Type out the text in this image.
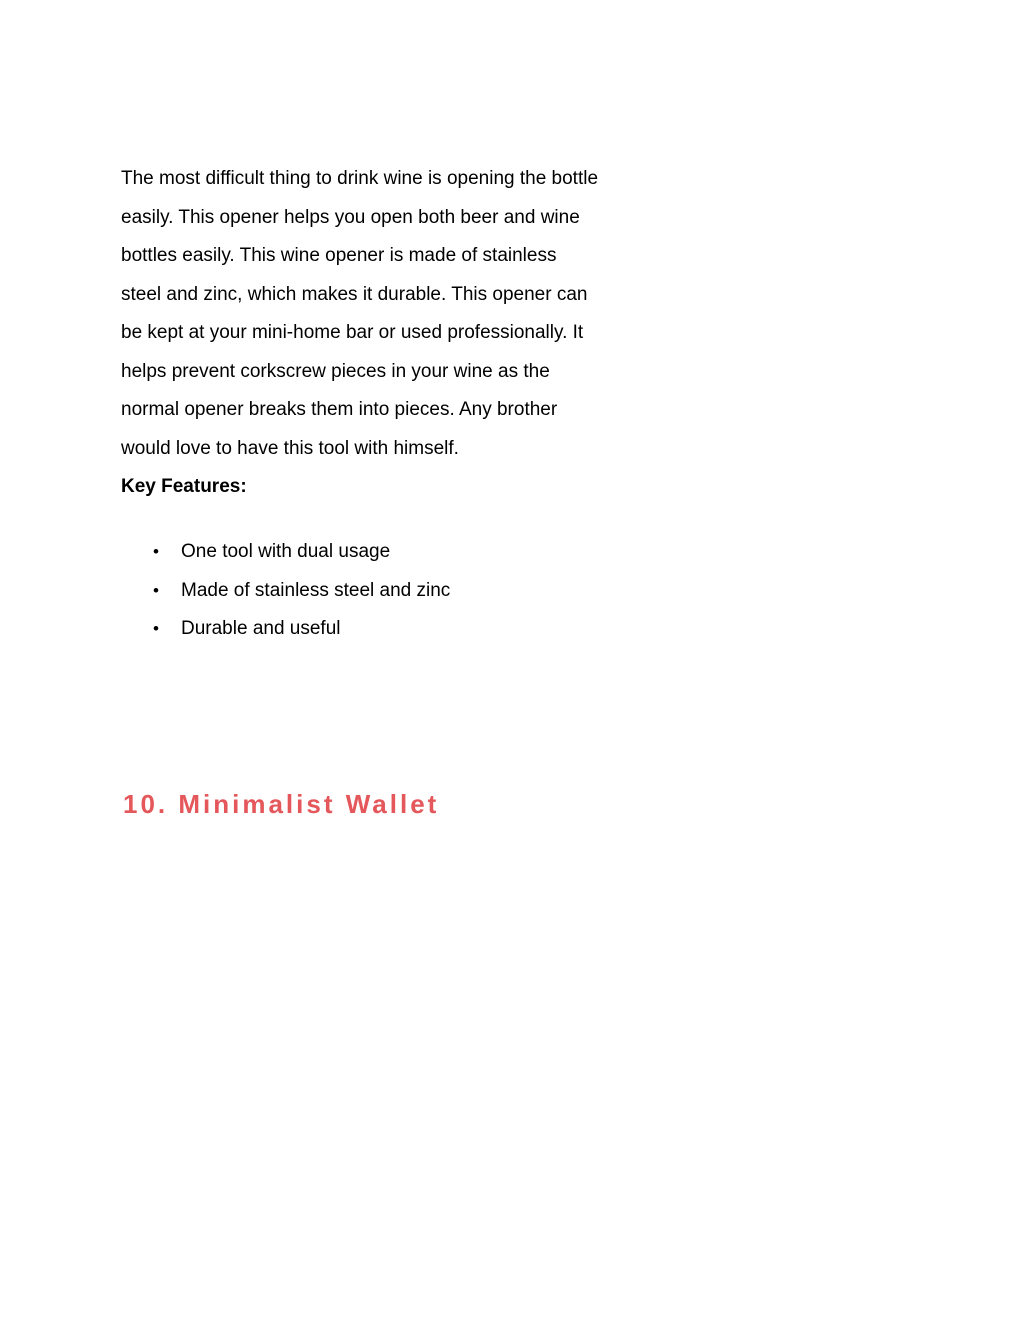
The most difficult thing to drink wine is opening the bottle
easily. This opener helps you open both beer and wine
bottles easily. This wine opener is made of stainless
steel and zinc, which makes it durable. This opener can
be kept at your mini-home bar or used professionally. It
helps prevent corkscrew pieces in your wine as the
normal opener breaks them into pieces. Any brother
would love to have this tool with himself.

Key Features:

• One tool with dual usage
• Made of stainless steel and zinc
• Durable and useful
10. Minimalist Wallet
